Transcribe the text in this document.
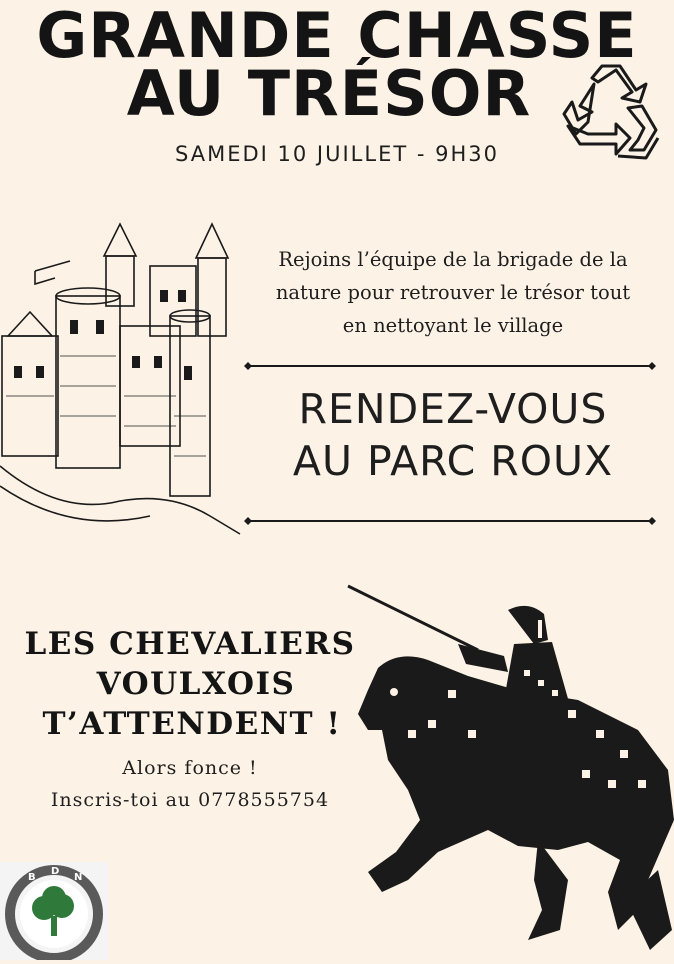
GRANDE CHASSE
AU TRÉSOR
SAMEDI 10 JUILLET - 9H30
Rejoins l’équipe de la brigade de la
nature pour retrouver le trésor tout
en nettoyant le village
RENDEZ-VOUS
AU PARC ROUX
LES CHEVALIERS
VOULXOIS
T’ATTENDENT !
Alors fonce !
Inscris-toi au 0778555754
B
D
N
